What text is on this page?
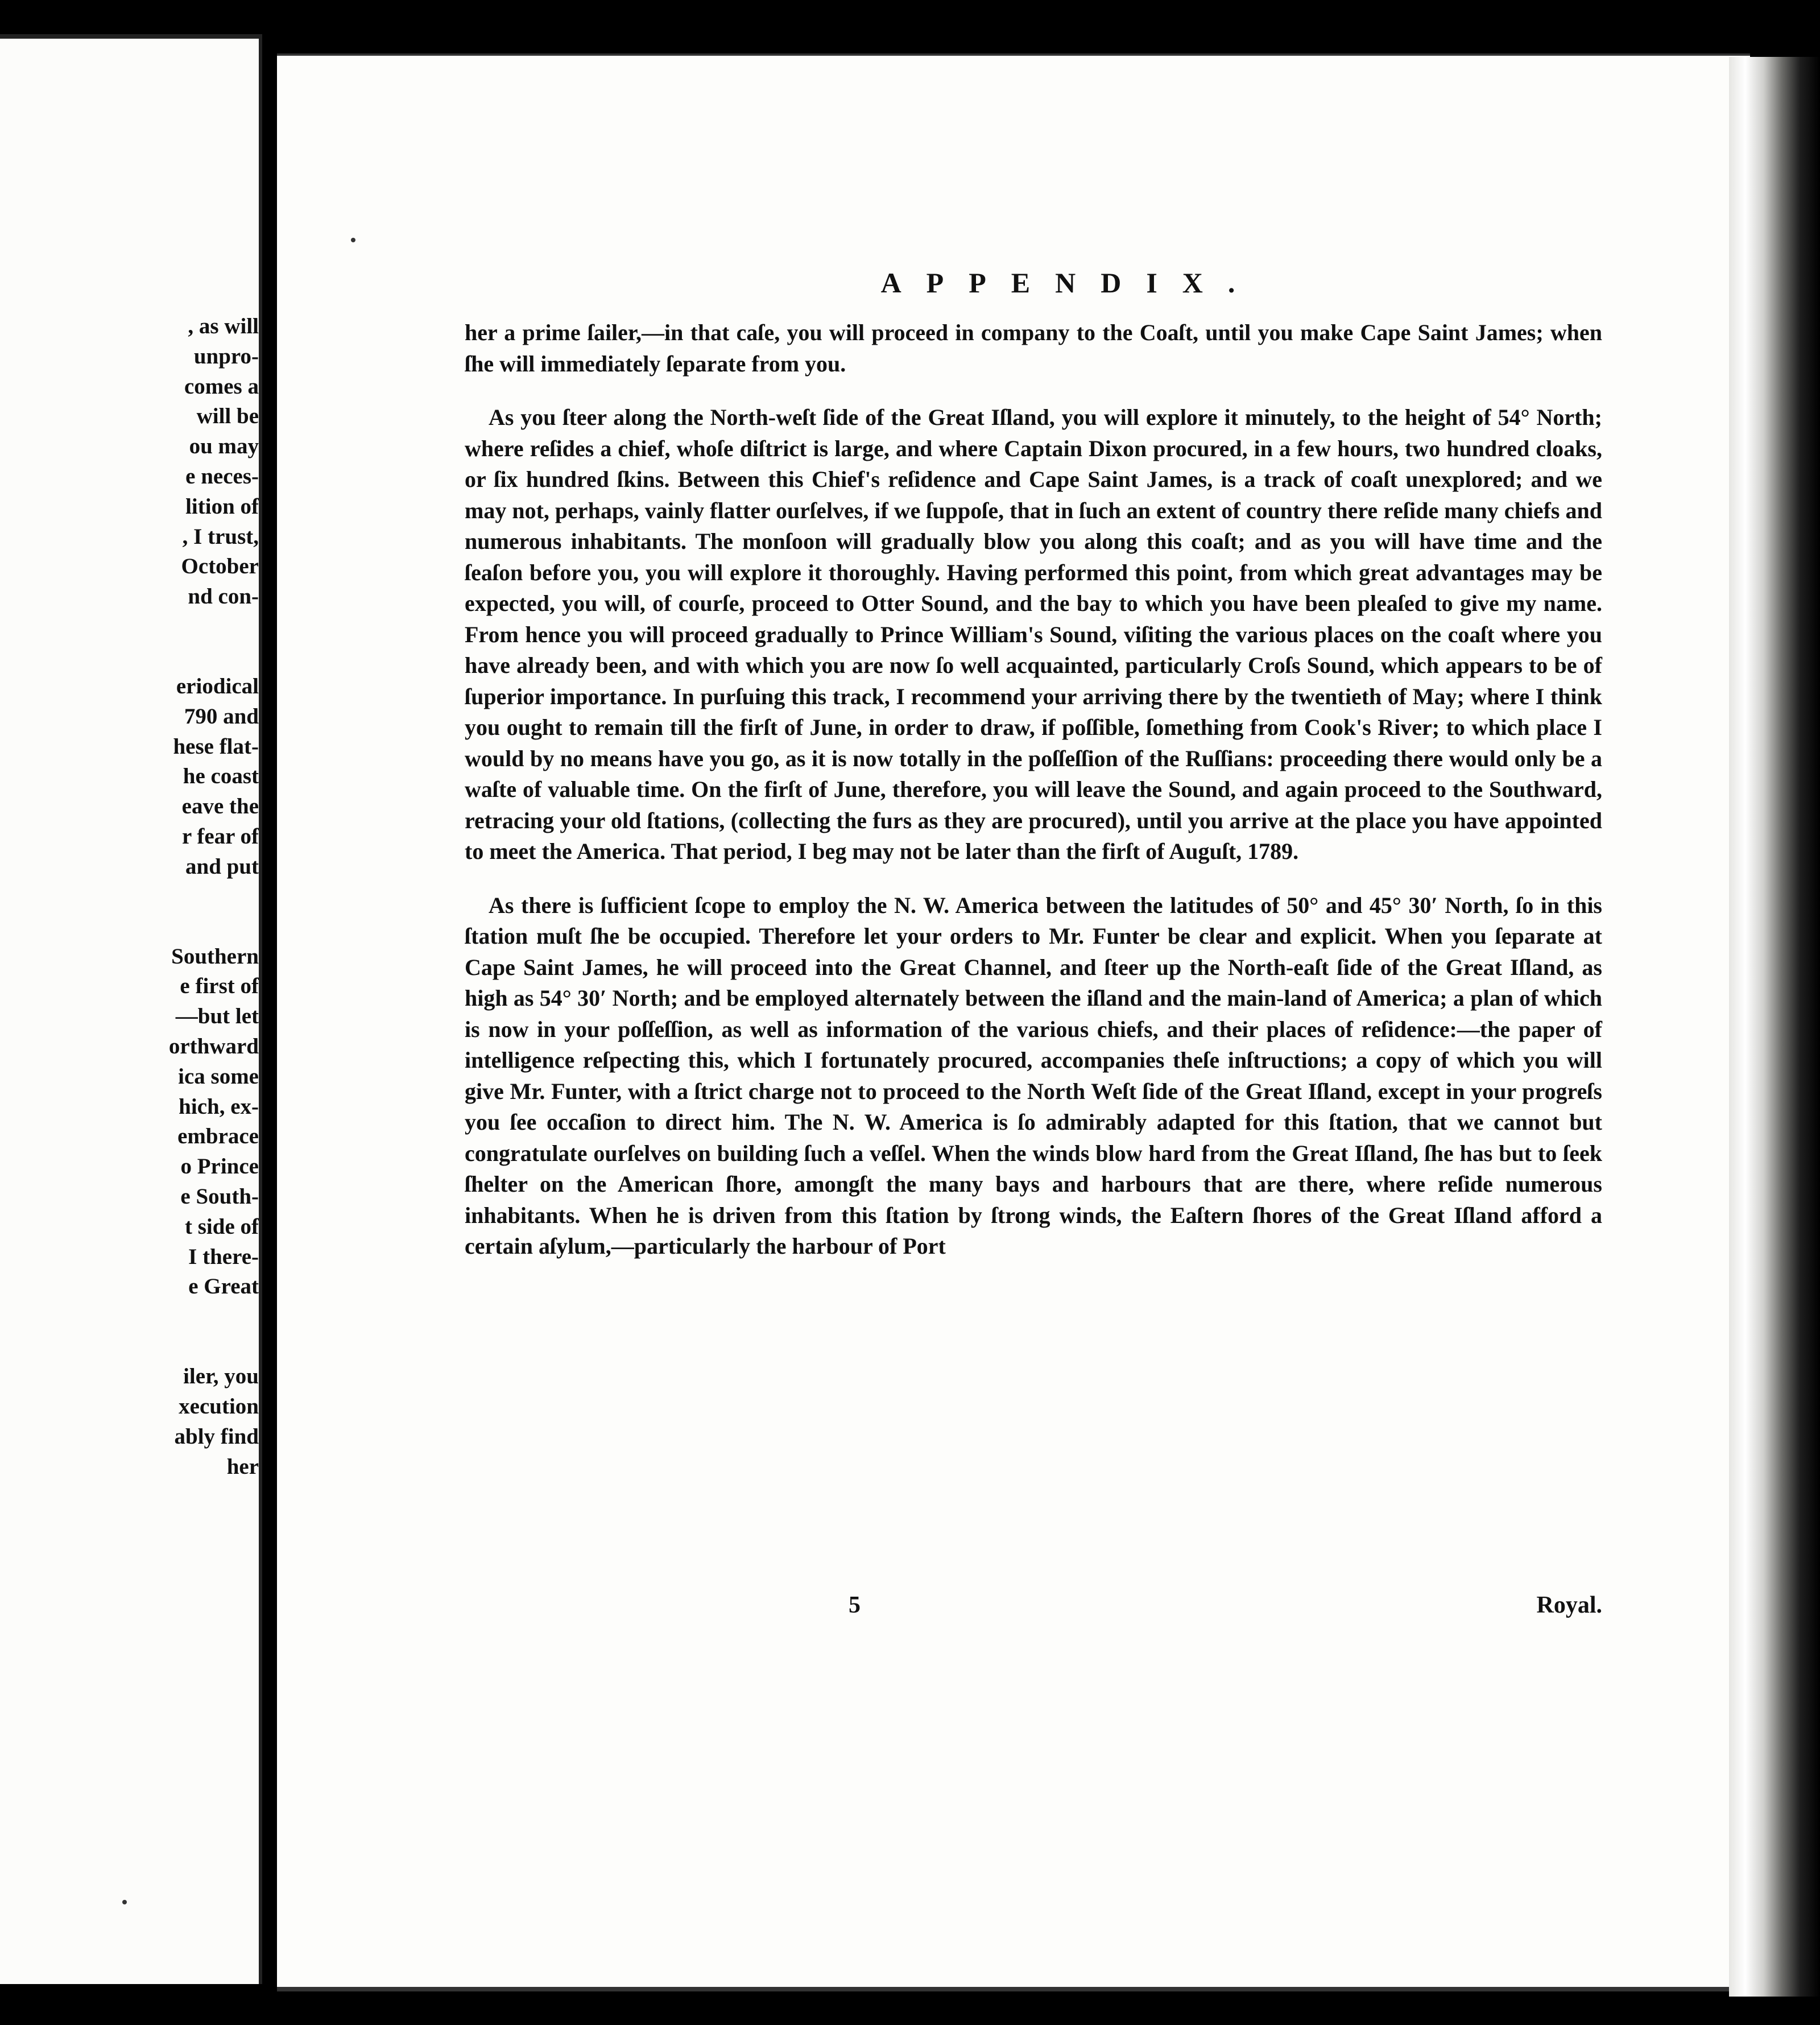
, as will
unpro-
comes a
will be
ou may
e neces-
lition of
, I trust,
October
nd con-
eriodical
790 and
hese flat-
he coast
eave the
r fear of
and put
Southern
e first of
—but let
orthward
ica some
hich, ex-
embrace
o Prince
e South-
t side of
I there-
e Great
iler, you
xecution
ably find
her
APPENDIX.

her a prime ſailer,—in that caſe, you will proceed in company to the Coaſt, until you make Cape Saint James; when ſhe will immediately ſeparate from you.

As you ſteer along the North-weſt ſide of the Great Iſland, you will explore it minutely, to the height of 54° North; where reſides a chief, whoſe diſtrict is large, and where Captain Dixon procured, in a few hours, two hundred cloaks, or ſix hundred ſkins. Between this Chief's reſidence and Cape Saint James, is a track of coaſt unexplored; and we may not, perhaps, vainly flatter ourſelves, if we ſuppoſe, that in ſuch an extent of country there reſide many chiefs and numerous inhabitants. The monſoon will gradually blow you along this coaſt; and as you will have time and the ſeaſon before you, you will explore it thoroughly. Having performed this point, from which great advantages may be expected, you will, of courſe, proceed to Otter Sound, and the bay to which you have been pleaſed to give my name. From hence you will proceed gradually to Prince William's Sound, viſiting the various places on the coaſt where you have already been, and with which you are now ſo well acquainted, particularly Croſs Sound, which appears to be of ſuperior importance. In purſuing this track, I recommend your arriving there by the twentieth of May; where I think you ought to remain till the firſt of June, in order to draw, if poſſible, ſomething from Cook's River; to which place I would by no means have you go, as it is now totally in the poſſeſſion of the Ruſſians: proceeding there would only be a waſte of valuable time. On the firſt of June, therefore, you will leave the Sound, and again proceed to the Southward, retracing your old ſtations, (collecting the furs as they are procured), until you arrive at the place you have appointed to meet the America. That period, I beg may not be later than the firſt of Auguſt, 1789.

As there is ſufficient ſcope to employ the N. W. America between the latitudes of 50° and 45° 30′ North, ſo in this ſtation muſt ſhe be occupied. Therefore let your orders to Mr. Funter be clear and explicit. When you ſeparate at Cape Saint James, he will proceed into the Great Channel, and ſteer up the North-eaſt ſide of the Great Iſland, as high as 54° 30′ North; and be employed alternately between the iſland and the main-land of America; a plan of which is now in your poſſeſſion, as well as information of the various chiefs, and their places of reſidence:—the paper of intelligence reſpecting this, which I fortunately procured, accompanies theſe inſtructions; a copy of which you will give Mr. Funter, with a ſtrict charge not to proceed to the North Weſt ſide of the Great Iſland, except in your progreſs you ſee occaſion to direct him. The N. W. America is ſo admirably adapted for this ſtation, that we cannot but congratulate ourſelves on building ſuch a veſſel. When the winds blow hard from the Great Iſland, ſhe has but to ſeek ſhelter on the American ſhore, amongſt the many bays and harbours that are there, where reſide numerous inhabitants. When he is driven from this ſtation by ſtrong winds, the Eaſtern ſhores of the Great Iſland afford a certain aſylum,—particularly the harbour of Port

5	Royal.
